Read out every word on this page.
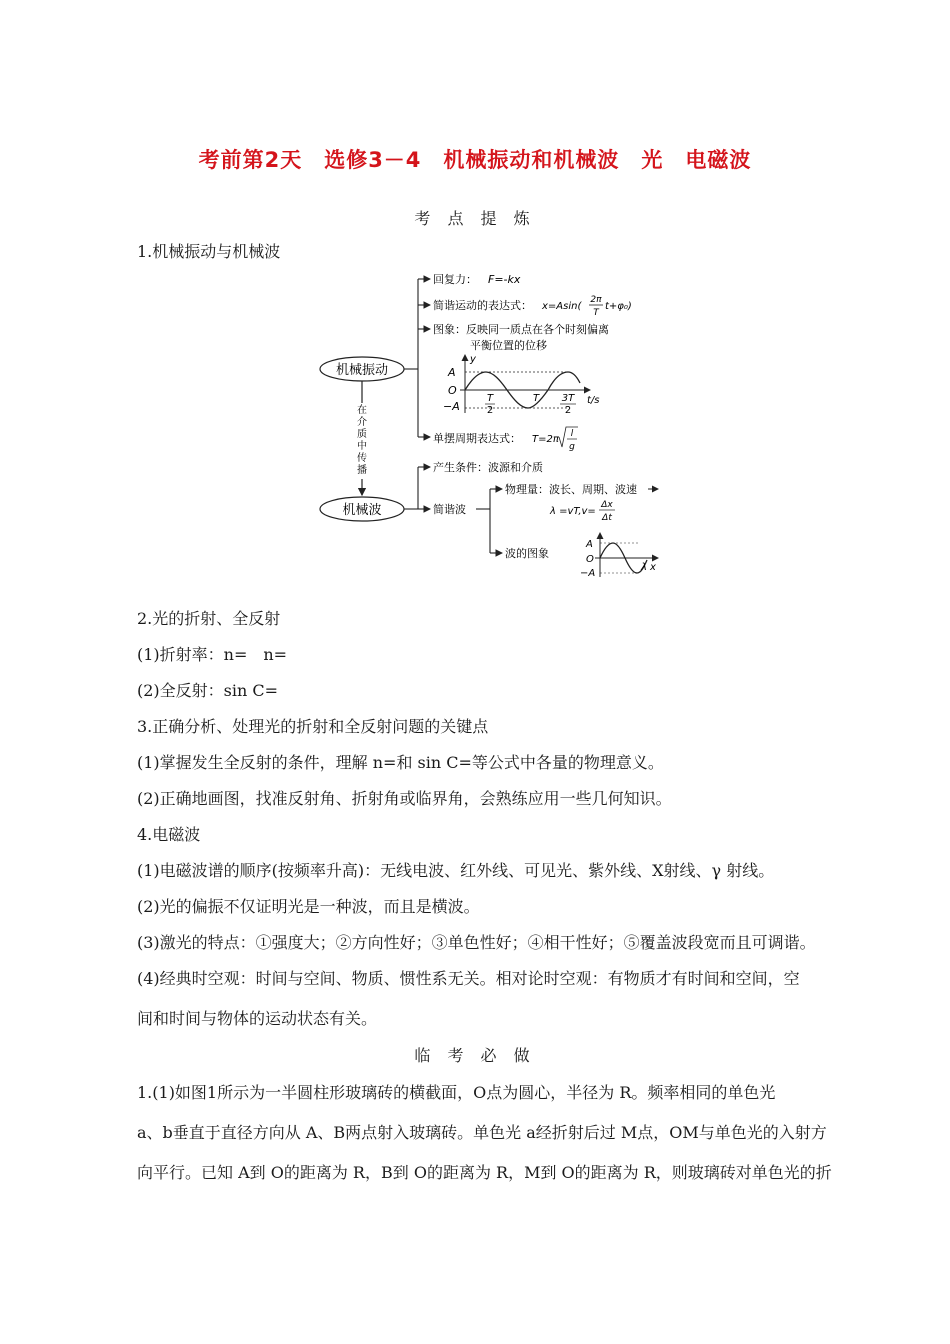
考前第2天　选修3－4　机械振动和机械波　光　电磁波
考 点 提 炼
1.机械振动与机械波
机械振动
机械波
在
介
质
中
传
播
回复力： F=-kx
简谐运动的表达式： x=Asin(
2π
T
t+φ₀)
图象：反映同一质点在各个时刻偏离
平衡位置的位移
y
A
O
−A
T
2
T 3T
2
t/s
单摆周期表达式： T=2π l
g
产生条件：波源和介质
简谐波
物理量：波长、周期、波速
λ =vT,v=
Δx
Δt
波的图象
A
O
−A
λ x
2.光的折射、全反射
(1)折射率：n=　n=
(2)全反射：sin C=
3.正确分析、处理光的折射和全反射问题的关键点
(1)掌握发生全反射的条件，理解 n=和 sin C=等公式中各量的物理意义。
(2)正确地画图，找准反射角、折射角或临界角，会熟练应用一些几何知识。
4.电磁波
(1)电磁波谱的顺序(按频率升高)：无线电波、红外线、可见光、紫外线、X射线、γ 射线。
(2)光的偏振不仅证明光是一种波，而且是横波。
(3)激光的特点：①强度大；②方向性好；③单色性好；④相干性好；⑤覆盖波段宽而且可调谐。
(4)经典时空观：时间与空间、物质、惯性系无关。相对论时空观：有物质才有时间和空间，空
间和时间与物体的运动状态有关。
临 考 必 做
1.(1)如图1所示为一半圆柱形玻璃砖的横截面，O点为圆心，半径为 R。频率相同的单色光
a、b垂直于直径方向从 A、B两点射入玻璃砖。单色光 a经折射后过 M点，OM与单色光的入射方
向平行。已知 A到 O的距离为 R，B到 O的距离为 R，M到 O的距离为 R，则玻璃砖对单色光的折
